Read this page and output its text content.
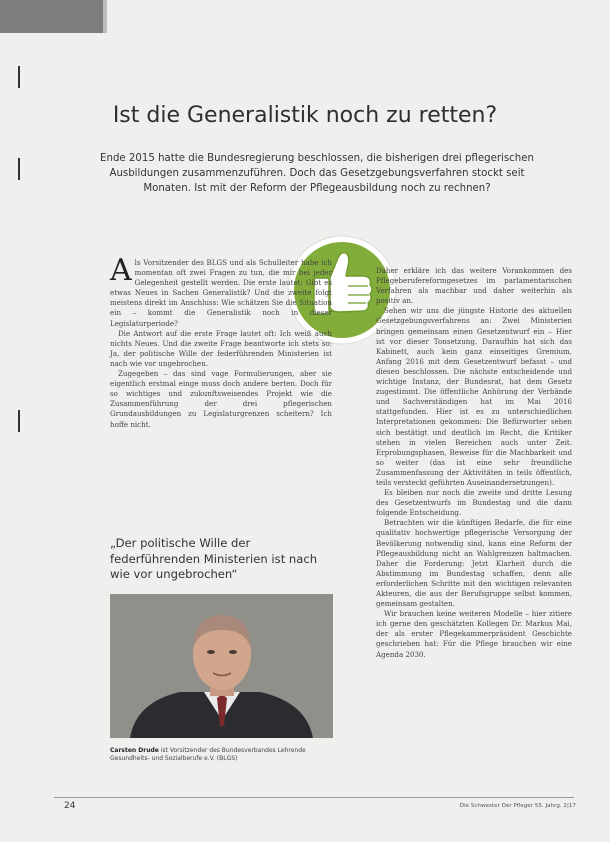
Ist die Generalistik noch zu retten?
Ende 2015 hatte die Bundesregierung beschlossen, die bisherigen drei pflegerischen Ausbildungen zusammenzuführen. Doch das Gesetzgebungsverfahren stockt seit Monaten. Ist mit der Reform der Pflegeausbildung noch zu rechnen?

Als Vorsitzender des BLGS und als Schulleiter habe ich momentan oft zwei Fragen zu tun, die mir bei jeder Gelegenheit gestellt werden. Die erste lautet: Gibt es etwas Neues in Sachen Generalistik? Und die zweite folgt meistens direkt im Anschluss: Wie schätzen Sie die Situation ein – kommt die Generalistik noch in dieser Legislaturperiode?

Die Antwort auf die erste Frage lautet oft: Ich weiß auch nichts Neues. Und die zweite Frage beantworte ich stets so: Ja, der politische Wille der federführenden Ministerien ist nach wie vor ungebrochen.

Zugegeben – das sind vage Formulierungen, aber sie eigentlich erstmal einge muss doch andere berten. Doch für so wichtiges und zukunftsweisendes Projekt wie die Zusammenführung der drei pflegerischen Grundausbildungen zu Legislaturgrenzen scheitern? Ich hoffe nicht.

Daher erkläre ich das weitere Vorankommen des Pflegeberufereformgesetzes im parlamentarischen Verfahren als machbar und daher weiterhin als positiv an.

Sehen wir uns die jüngste Historie des aktuellen Gesetzgebungsverfahrens an: Zwei Ministerien bringen gemeinsam einen Gesetzentwurf ein – Hier ist vor dieser Tonsetzung. Daraufhin hat sich das Kabinett, auch kein ganz einseitiges Gremium, Anfang 2016 mit dem Gesetzentwurf befasst – und diesen beschlossen. Die nächste entscheidende und wichtige Instanz, der Bundesrat, hat dem Gesetz zugestimmt. Die öffentliche Anhörung der Verbände und Sachverständigen hat im Mai 2016 stattgefunden. Hier ist es zu unterschiedlichen Interpretationen gekommen: Die Befürworter sehen sich bestätigt und deutlich im Recht, die Kritiker stehen in vielen Bereichen auch unter Zeit. Erprobungsphasen, Beweise für die Machbarkeit und so weiter (das ist eine sehr freundliche Zusammenfassung der Aktivitäten in teils öffentlich, teils versteckt geführten Auseinandersetzungen).

Es bleiben nur noch die zweite und dritte Lesung des Gesetzentwurfs im Bundestag und die dann folgende Entscheidung.

Betrachten wir die künftigen Bedarfe, die für eine qualitativ hochwertige pflegerische Versorgung der Bevölkerung notwendig sind, kann eine Reform der Pflegeausbildung nicht an Wahlgrenzen haltmachen. Daher die Forderung: Jetzt Klarheit durch die Abstimmung im Bundestag schaffen, denn alle erforderlichen Schritte mit den wichtigen relevanten Akteuren, die aus der Berufsgruppe selbst kommen, gemeinsam gestalten.

Wir brauchen keine weiteren Modelle – hier zitiere ich gerne den geschätzten Kollegen Dr. Markus Mai, der als erster Pflegekammerpräsident Geschichte geschrieben hat: Für die Pflege brauchen wir eine Agenda 2030.

„Der politische Wille der federführenden Ministerien ist nach wie vor ungebrochen“
Carsten Drude ist Vorsitzender des Bundesverbandes Lehrende Gesundheits- und Sozialberufe e.V. (BLGS)
24	Die Schwester Der Pfleger 55. Jahrg. 2|17
